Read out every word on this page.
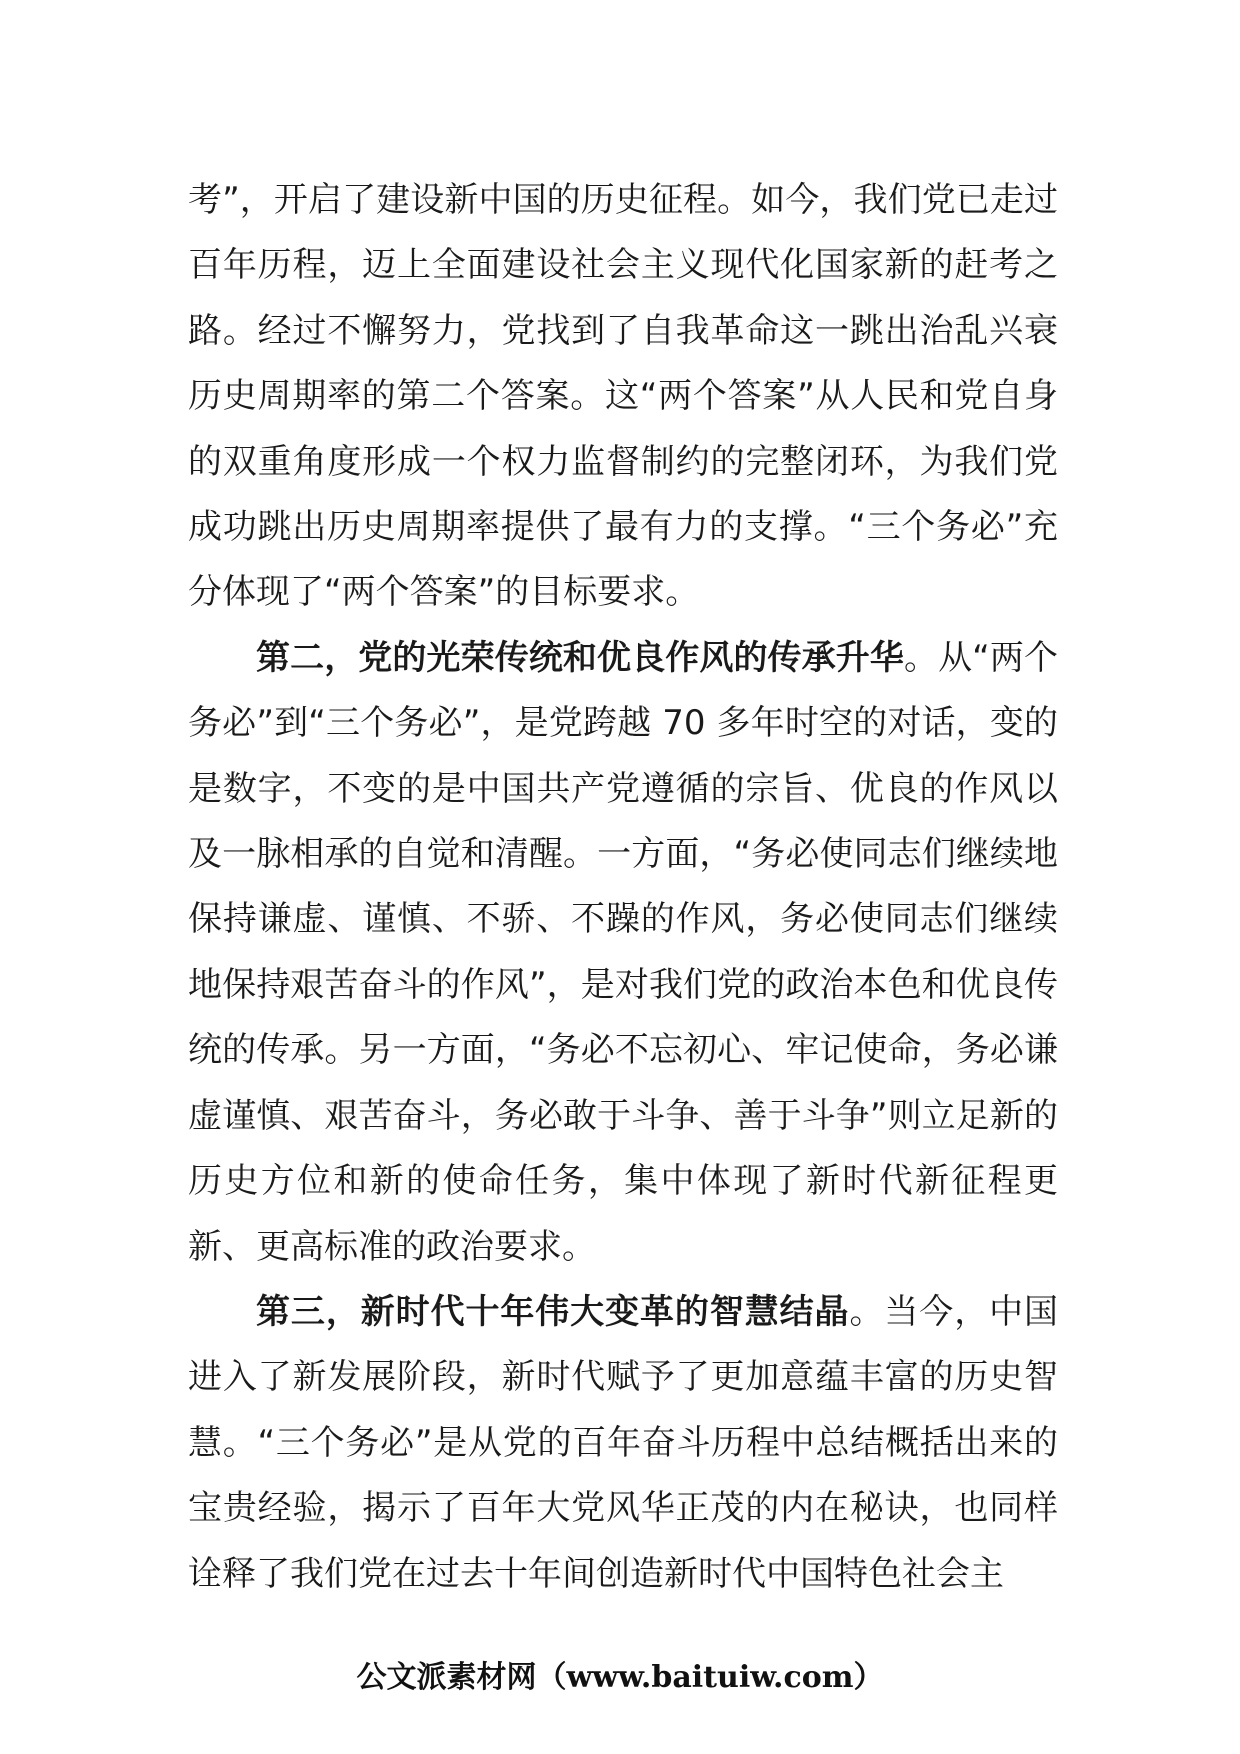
考”，开启了建设新中国的历史征程。如今，我们党已走过百年历程，迈上全面建设社会主义现代化国家新的赶考之路。经过不懈努力，党找到了自我革命这一跳出治乱兴衰历史周期率的第二个答案。这“两个答案”从人民和党自身的双重角度形成一个权力监督制约的完整闭环，为我们党成功跳出历史周期率提供了最有力的支撑。“三个务必”充分体现了“两个答案”的目标要求。

第二，党的光荣传统和优良作风的传承升华。从“两个务必”到“三个务必”，是党跨越 70 多年时空的对话，变的是数字，不变的是中国共产党遵循的宗旨、优良的作风以及一脉相承的自觉和清醒。一方面，“务必使同志们继续地保持谦虚、谨慎、不骄、不躁的作风，务必使同志们继续地保持艰苦奋斗的作风”，是对我们党的政治本色和优良传统的传承。另一方面，“务必不忘初心、牢记使命，务必谦虚谨慎、艰苦奋斗，务必敢于斗争、善于斗争”则立足新的历史方位和新的使命任务，集中体现了新时代新征程更新、更高标准的政治要求。

第三，新时代十年伟大变革的智慧结晶。当今，中国进入了新发展阶段，新时代赋予了更加意蕴丰富的历史智慧。“三个务必”是从党的百年奋斗历程中总结概括出来的宝贵经验，揭示了百年大党风华正茂的内在秘诀，也同样诠释了我们党在过去十年间创造新时代中国特色社会主

公文派素材网（www.baituiw.com）
